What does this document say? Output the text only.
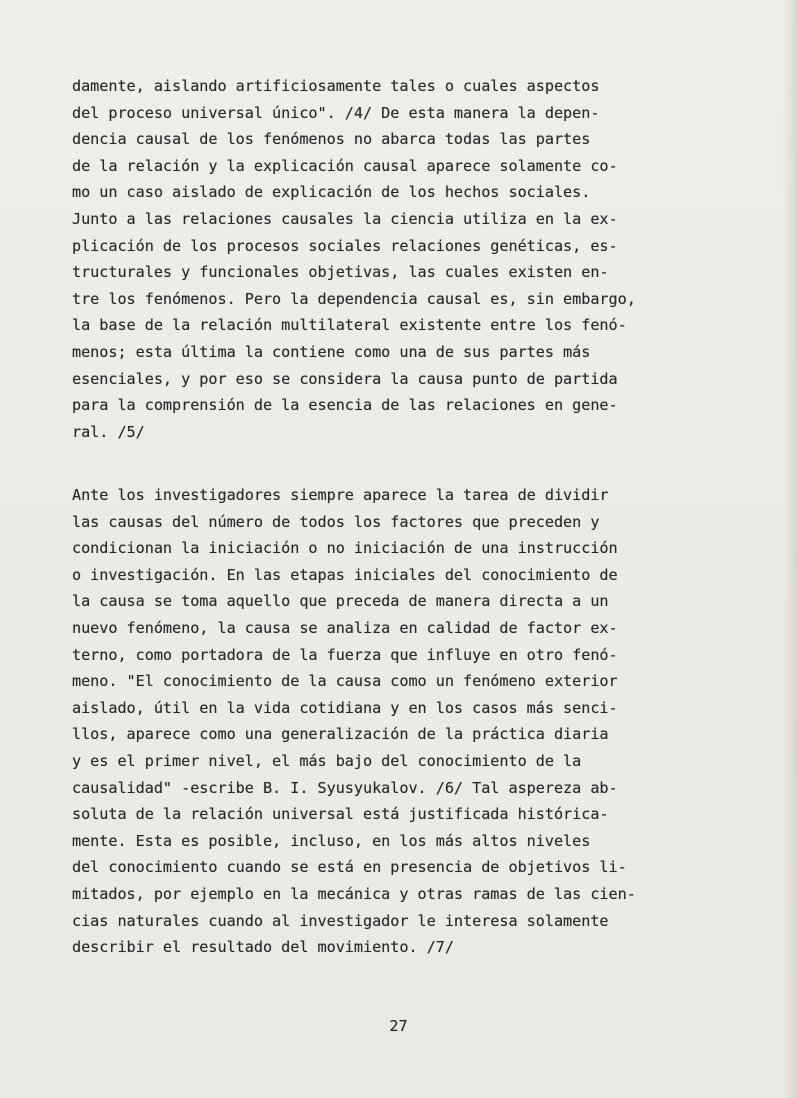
damente, aislando artificiosamente tales o cuales aspectos
del proceso universal único". /4/ De esta manera la depen-
dencia causal de los fenómenos no abarca todas las partes
de la relación y la explicación causal aparece solamente co-
mo un caso aislado de explicación de los hechos sociales.
Junto a las relaciones causales la ciencia utiliza en la ex-
plicación de los procesos sociales relaciones genéticas, es-
tructurales y funcionales objetivas, las cuales existen en-
tre los fenómenos. Pero la dependencia causal es, sin embargo,
la base de la relación multilateral existente entre los fenó-
menos; esta última la contiene como una de sus partes más
esenciales, y por eso se considera la causa punto de partida
para la comprensión de la esencia de las relaciones en gene-
ral. /5/
Ante los investigadores siempre aparece la tarea de dividir
las causas del número de todos los factores que preceden y
condicionan la iniciación o no iniciación de una instrucción
o investigación. En las etapas iniciales del conocimiento de
la causa se toma aquello que preceda de manera directa a un
nuevo fenómeno, la causa se analiza en calidad de factor ex-
terno, como portadora de la fuerza que influye en otro fenó-
meno. "El conocimiento de la causa como un fenómeno exterior
aislado, útil en la vida cotidiana y en los casos más senci-
llos, aparece como una generalización de la práctica diaria
y es el primer nivel, el más bajo del conocimiento de la
causalidad" -escribe B. I. Syusyukalov. /6/ Tal aspereza ab-
soluta de la relación universal está justificada históricа-
mente. Esta es posible, incluso, en los más altos niveles
del conocimiento cuando se está en presencia de objetivos li-
mitados, por ejemplo en la mecánica y otras ramas de las cien-
cias naturales cuando al investigador le interesa solamente
describir el resultado del movimiento. /7/
27
